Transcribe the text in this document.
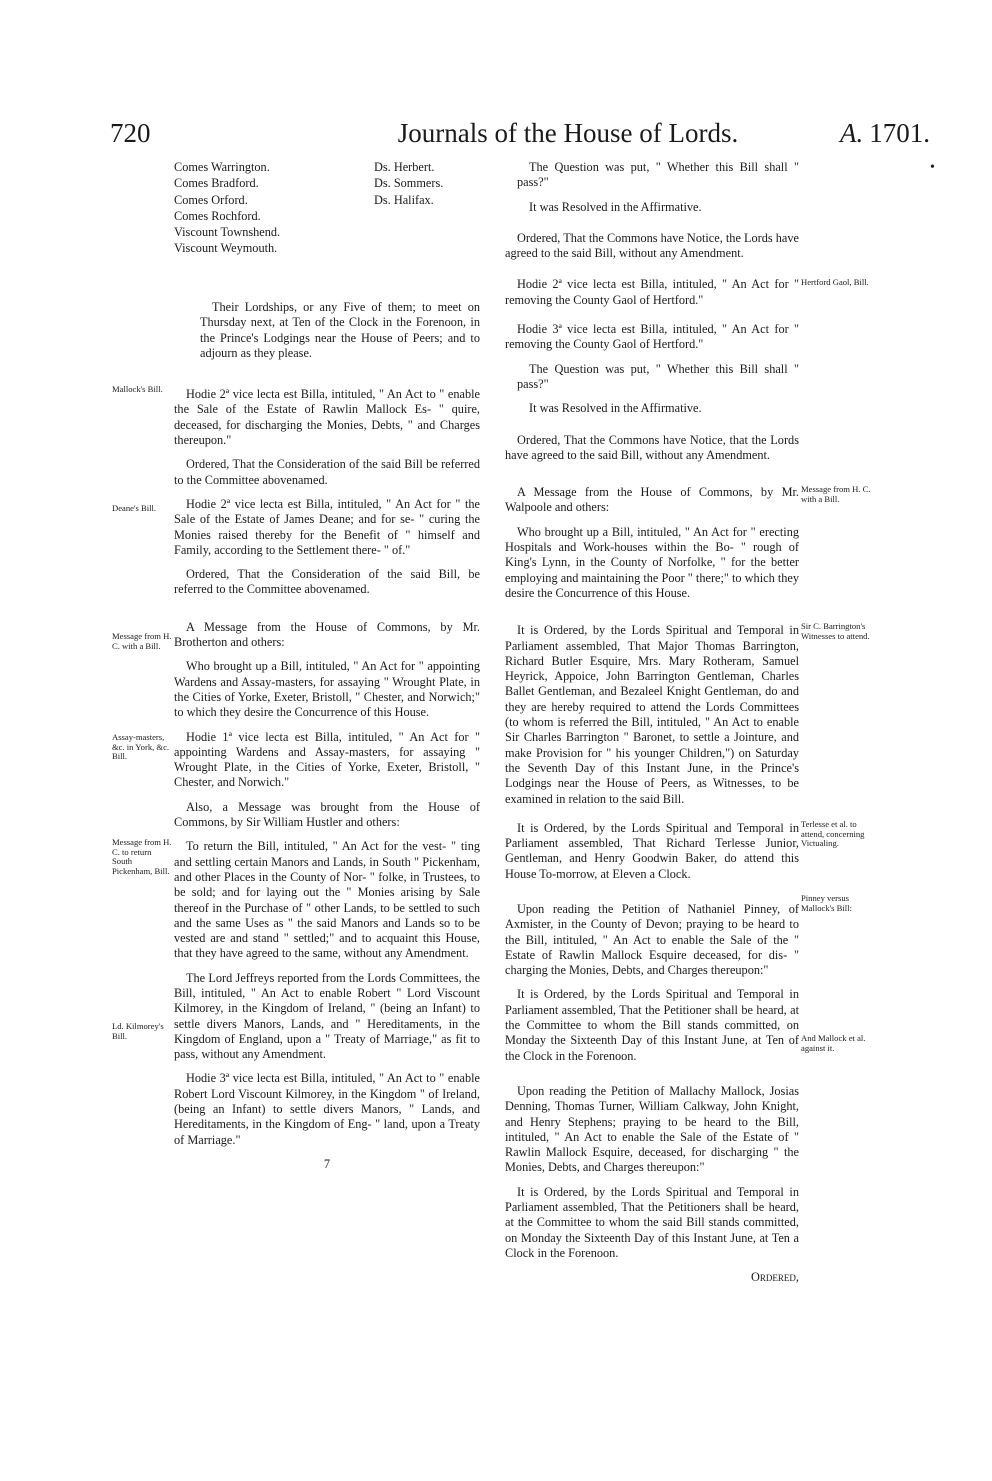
720	Journals of the House of Lords.	A. 1701.
•
Comes Warrington.
Comes Bradford.
Comes Orford.
Comes Rochford.
Viscount Townshend.
Viscount Weymouth.
Ds. Herbert.
Ds. Sommers.
Ds. Halifax.

Their Lordships, or any Five of them; to meet on Thursday next, at Ten of the Clock in the Forenoon, in the Prince's Lodgings near the House of Peers; and to adjourn as they please.

Hodie 2ª vice lecta est Billa, intituled, " An Act to " enable the Sale of the Estate of Rawlin Mallock Es- " quire, deceased, for discharging the Monies, Debts, " and Charges thereupon."

Ordered, That the Consideration of the said Bill be referred to the Committee abovenamed.

Hodie 2ª vice lecta est Billa, intituled, " An Act for " the Sale of the Estate of James Deane; and for se- " curing the Monies raised thereby for the Benefit of " himself and Family, according to the Settlement there- " of."

Ordered, That the Consideration of the said Bill, be referred to the Committee abovenamed.

A Message from the House of Commons, by Mr. Brotherton and others:

Who brought up a Bill, intituled, " An Act for " appointing Wardens and Assay-masters, for assaying " Wrought Plate, in the Cities of Yorke, Exeter, Bristoll, " Chester, and Norwich;" to which they desire the Concurrence of this House.

Hodie 1ª vice lecta est Billa, intituled, " An Act for " appointing Wardens and Assay-masters, for assaying " Wrought Plate, in the Cities of Yorke, Exeter, Bristoll, " Chester, and Norwich."

Also, a Message was brought from the House of Commons, by Sir William Hustler and others:

To return the Bill, intituled, " An Act for the vest- " ting and settling certain Manors and Lands, in South " Pickenham, and other Places in the County of Nor- " folke, in Trustees, to be sold; and for laying out the " Monies arising by Sale thereof in the Purchase of " other Lands, to be settled to such and the same Uses as " the said Manors and Lands so to be vested are and stand " settled;" and to acquaint this House, that they have agreed to the same, without any Amendment.

The Lord Jeffreys reported from the Lords Committees, the Bill, intituled, " An Act to enable Robert " Lord Viscount Kilmorey, in the Kingdom of Ireland, " (being an Infant) to settle divers Manors, Lands, and " Hereditaments, in the Kingdom of England, upon a " Treaty of Marriage," as fit to pass, without any Amendment.

Hodie 3ª vice lecta est Billa, intituled, " An Act to " enable Robert Lord Viscount Kilmorey, in the Kingdom " of Ireland, (being an Infant) to settle divers Manors, " Lands, and Hereditaments, in the Kingdom of Eng- " land, upon a Treaty of Marriage."

7
Mallock's Bill.
Deane's Bill.
Message from H. C. with a Bill.
Assay-masters, &c. in York, &c. Bill.
Message from H. C. to return South Pickenham, Bill.
Ld. Kilmorey's Bill.

The Question was put, " Whether this Bill shall " pass?"

It was Resolved in the Affirmative.

Ordered, That the Commons have Notice, the Lords have agreed to the said Bill, without any Amendment.

Hodie 2ª vice lecta est Billa, intituled, " An Act for " removing the County Gaol of Hertford."

Hodie 3ª vice lecta est Billa, intituled, " An Act for " removing the County Gaol of Hertford."

The Question was put, " Whether this Bill shall " pass?"

It was Resolved in the Affirmative.

Ordered, That the Commons have Notice, that the Lords have agreed to the said Bill, without any Amendment.

A Message from the House of Commons, by Mr. Walpoole and others:

Who brought up a Bill, intituled, " An Act for " erecting Hospitals and Work-houses within the Bo- " rough of King's Lynn, in the County of Norfolke, " for the better employing and maintaining the Poor " there;" to which they desire the Concurrence of this House.

It is Ordered, by the Lords Spiritual and Temporal in Parliament assembled, That Major Thomas Barrington, Richard Butler Esquire, Mrs. Mary Rotheram, Samuel Heyrick, Appoice, John Barrington Gentleman, Charles Ballet Gentleman, and Bezaleel Knight Gentleman, do and they are hereby required to attend the Lords Committees (to whom is referred the Bill, intituled, " An Act to enable Sir Charles Barrington " Baronet, to settle a Jointure, and make Provision for " his younger Children,") on Saturday the Seventh Day of this Instant June, in the Prince's Lodgings near the House of Peers, as Witnesses, to be examined in relation to the said Bill.

It is Ordered, by the Lords Spiritual and Temporal in Parliament assembled, That Richard Terlesse Junior, Gentleman, and Henry Goodwin Baker, do attend this House To-morrow, at Eleven a Clock.

Upon reading the Petition of Nathaniel Pinney, of Axmister, in the County of Devon; praying to be heard to the Bill, intituled, " An Act to enable the Sale of the " Estate of Rawlin Mallock Esquire deceased, for dis- " charging the Monies, Debts, and Charges thereupon:"

It is Ordered, by the Lords Spiritual and Temporal in Parliament assembled, That the Petitioner shall be heard, at the Committee to whom the Bill stands committed, on Monday the Sixteenth Day of this Instant June, at Ten of the Clock in the Forenoon.

Upon reading the Petition of Mallachy Mallock, Josias Denning, Thomas Turner, William Calkway, John Knight, and Henry Stephens; praying to be heard to the Bill, intituled, " An Act to enable the Sale of the Estate of " Rawlin Mallock Esquire, deceased, for discharging " the Monies, Debts, and Charges thereupon:"

It is Ordered, by the Lords Spiritual and Temporal in Parliament assembled, That the Petitioners shall be heard, at the Committee to whom the said Bill stands committed, on Monday the Sixteenth Day of this Instant June, at Ten a Clock in the Forenoon.

Ordered,
Hertford Gaol, Bill.
Message from H. C. with a Bill.
Sir C. Barrington's Witnesses to attend.
Terlesse et al. to attend, concerning Victualing.
Pinney versus Mallock's Bill:
And Mallock et al. against it.
